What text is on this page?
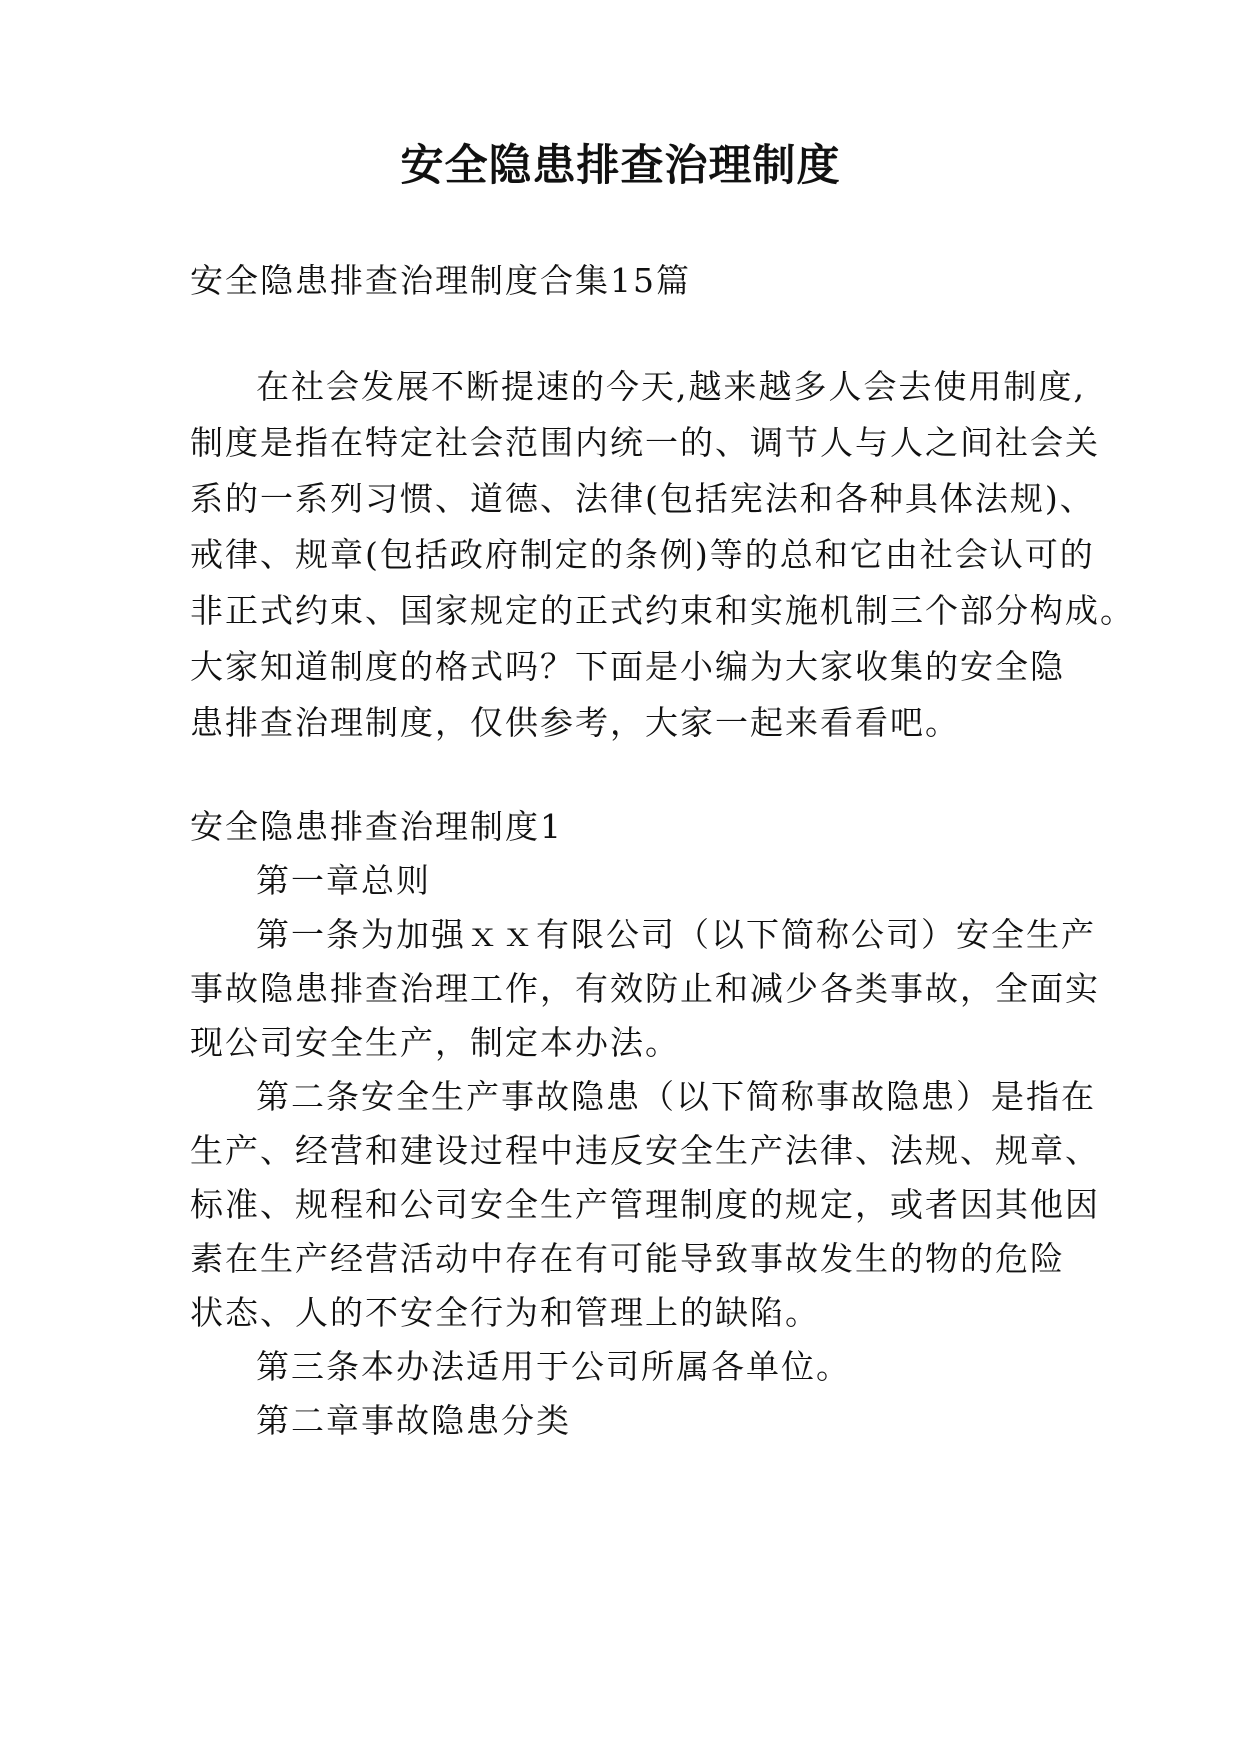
安全隐患排查治理制度
安全隐患排查治理制度合集15篇
在社会发展不断提速的今天,越来越多人会去使用制度,
制度是指在特定社会范围内统一的、调节人与人之间社会关
系的一系列习惯、道德、法律(包括宪法和各种具体法规)、
戒律、规章(包括政府制定的条例)等的总和它由社会认可的
非正式约束、国家规定的正式约束和实施机制三个部分构成。
大家知道制度的格式吗？下面是小编为大家收集的安全隐
患排查治理制度，仅供参考，大家一起来看看吧。
安全隐患排查治理制度1
第一章总则
第一条为加强ｘｘ有限公司（以下简称公司）安全生产
事故隐患排查治理工作，有效防止和减少各类事故，全面实
现公司安全生产，制定本办法。
第二条安全生产事故隐患（以下简称事故隐患）是指在
生产、经营和建设过程中违反安全生产法律、法规、规章、
标准、规程和公司安全生产管理制度的规定，或者因其他因
素在生产经营活动中存在有可能导致事故发生的物的危险
状态、人的不安全行为和管理上的缺陷。
第三条本办法适用于公司所属各单位。
第二章事故隐患分类
